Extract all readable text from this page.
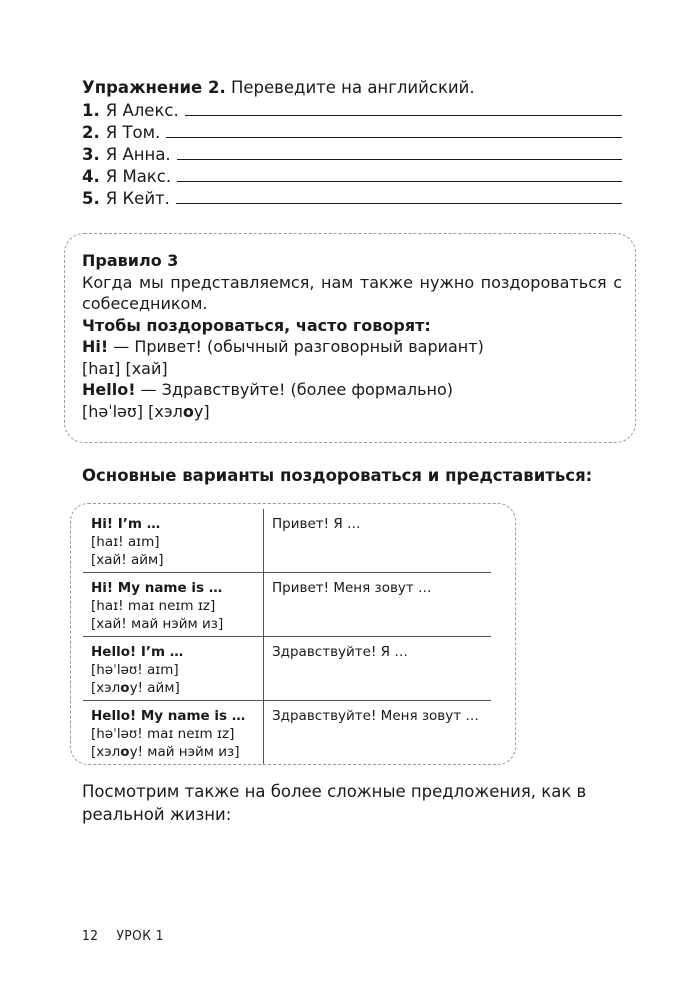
Упражнение 2. Переведите на английский.
1. Я Алекс.
2. Я Том.
3. Я Анна.
4. Я Макс.
5. Я Кейт.
Правило 3
Когда мы представляемся, нам также нужно поздороваться с
собеседником.
Чтобы поздороваться, часто говорят:
Hi! — Привет! (обычный разговорный вариант)
[haɪ] [хай]
Hello! — Здравствуйте! (более формально)
[həˈləʊ] [хэлоу]
Основные варианты поздороваться и представиться:
Hi! I’m …
[haɪ! aɪm]
[хай! айм]
Привет! Я …
Hi! My name is …
[haɪ! maɪ neɪm ɪz]
[хай! май нэйм из]
Привет! Меня зовут …
Hello! I’m …
[həˈləʊ! aɪm]
[хэлоу! айм]
Здравствуйте! Я …
Hello! My name is …
[həˈləʊ! maɪ neɪm ɪz]
[хэлоу! май нэйм из]
Здравствуйте! Меня зовут …
Посмотрим также на более сложные предложения, как в реальной жизни:
12 УРОК 1
